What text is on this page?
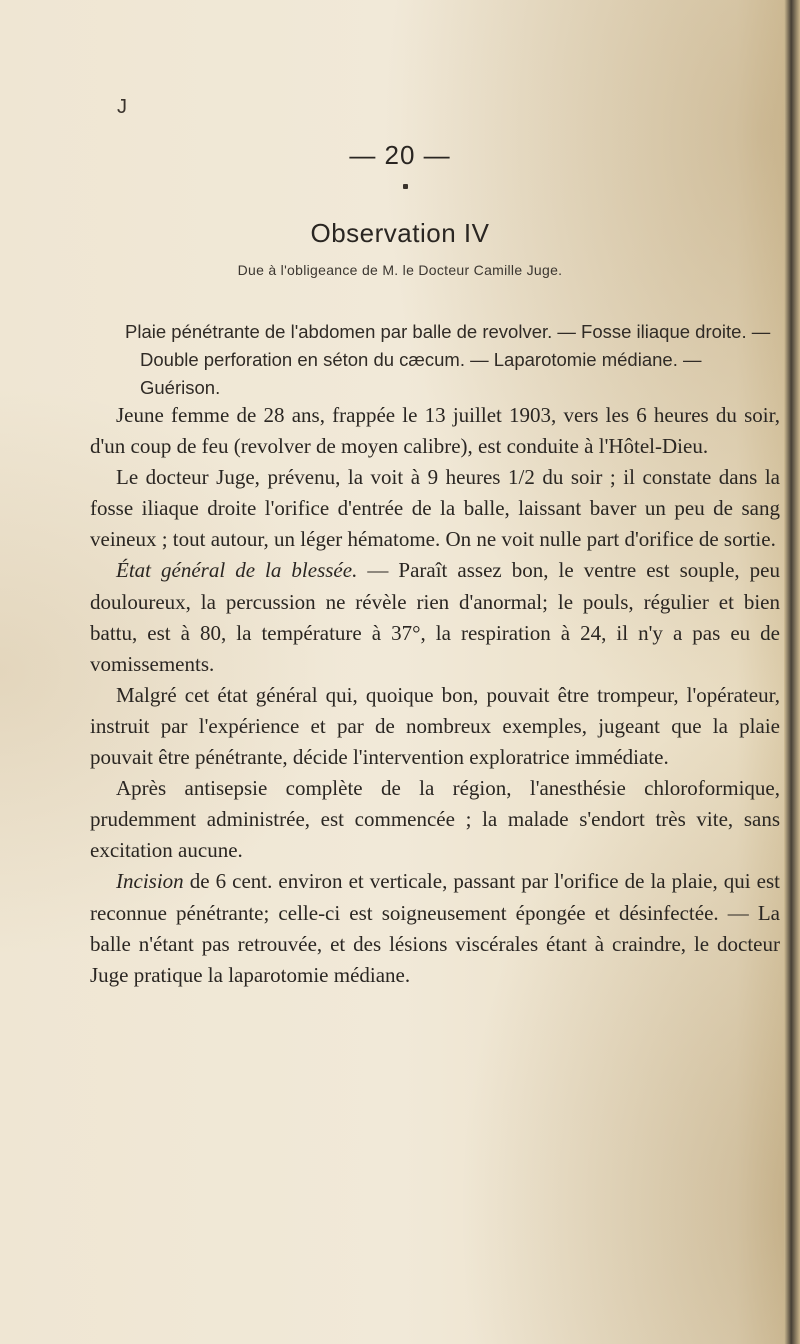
J
— 20 —
Observation IV
Due à l'obligeance de M. le Docteur Camille Juge.
Plaie pénétrante de l'abdomen par balle de revolver. — Fosse iliaque droite. — Double perforation en séton du cæcum. — Laparotomie médiane. — Guérison.

Jeune femme de 28 ans, frappée le 13 juillet 1903, vers les 6 heures du soir, d'un coup de feu (revolver de moyen calibre), est conduite à l'Hôtel-Dieu.

Le docteur Juge, prévenu, la voit à 9 heures 1/2 du soir ; il constate dans la fosse iliaque droite l'orifice d'entrée de la balle, laissant baver un peu de sang veineux ; tout autour, un léger hématome. On ne voit nulle part d'orifice de sortie.

État général de la blessée. — Paraît assez bon, le ventre est souple, peu douloureux, la percussion ne révèle rien d'anormal; le pouls, régulier et bien battu, est à 80, la température à 37°, la respiration à 24, il n'y a pas eu de vomissements.

Malgré cet état général qui, quoique bon, pouvait être trompeur, l'opérateur, instruit par l'expérience et par de nombreux exemples, jugeant que la plaie pouvait être pénétrante, décide l'intervention exploratrice immédiate.

Après antisepsie complète de la région, l'anesthésie chloroformique, prudemment administrée, est commencée ; la malade s'endort très vite, sans excitation aucune.

Incision de 6 cent. environ et verticale, passant par l'orifice de la plaie, qui est reconnue pénétrante; celle-ci est soigneusement épongée et désinfectée. — La balle n'étant pas retrouvée, et des lésions viscérales étant à craindre, le docteur Juge pratique la laparotomie médiane.
